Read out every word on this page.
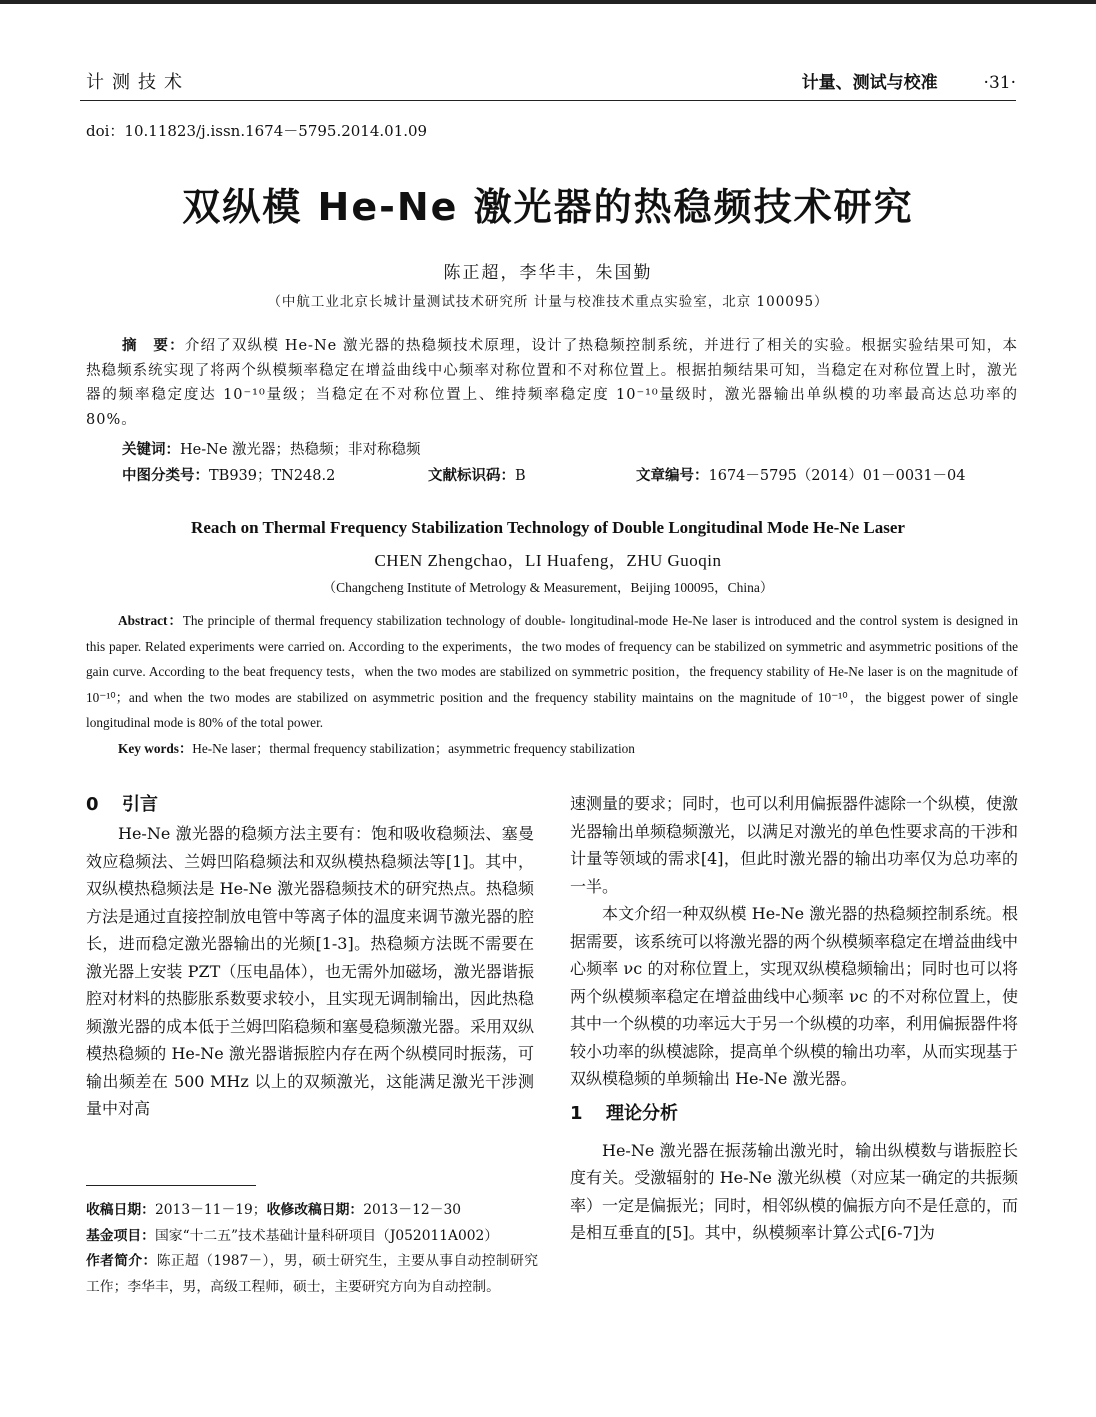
计测技术	计量、测试与校准	·31·
doi：10.11823/j.issn.1674－5795.2014.01.09
双纵模 He-Ne 激光器的热稳频技术研究
陈正超，李华丰，朱国勤
（中航工业北京长城计量测试技术研究所 计量与校准技术重点实验室，北京 100095）
摘　要：介绍了双纵模 He-Ne 激光器的热稳频技术原理，设计了热稳频控制系统，并进行了相关的实验。根据实验结果可知，本热稳频系统实现了将两个纵模频率稳定在增益曲线中心频率对称位置和不对称位置上。根据拍频结果可知，当稳定在对称位置上时，激光器的频率稳定度达 10⁻¹⁰量级；当稳定在不对称位置上、维持频率稳定度 10⁻¹⁰量级时，激光器输出单纵模的功率最高达总功率的 80%。
关键词：He-Ne 激光器；热稳频；非对称稳频
中图分类号：TB939；TN248.2	文献标识码：B	文章编号：1674－5795（2014）01－0031－04
Reach on Thermal Frequency Stabilization Technology of Double Longitudinal Mode He-Ne Laser
CHEN Zhengchao，LI Huafeng，ZHU Guoqin
（Changcheng Institute of Metrology & Measurement，Beijing 100095，China）
Abstract：The principle of thermal frequency stabilization technology of double- longitudinal-mode He-Ne laser is introduced and the control system is designed in this paper. Related experiments were carried on. According to the experiments，the two modes of frequency can be stabilized on symmetric and asymmetric positions of the gain curve. According to the beat frequency tests，when the two modes are stabilized on symmetric position，the frequency stability of He-Ne laser is on the magnitude of 10⁻¹⁰；and when the two modes are stabilized on asymmetric position and the frequency stability maintains on the magnitude of 10⁻¹⁰，the biggest power of single longitudinal mode is 80% of the total power.
Key words：He-Ne laser；thermal frequency stabilization；asymmetric frequency stabilization
0 引言

He-Ne 激光器的稳频方法主要有：饱和吸收稳频法、塞曼效应稳频法、兰姆凹陷稳频法和双纵模热稳频法等[1]。其中，双纵模热稳频法是 He-Ne 激光器稳频技术的研究热点。热稳频方法是通过直接控制放电管中等离子体的温度来调节激光器的腔长，进而稳定激光器输出的光频[1-3]。热稳频方法既不需要在激光器上安装 PZT（压电晶体），也无需外加磁场，激光器谐振腔对材料的热膨胀系数要求较小，且实现无调制输出，因此热稳频激光器的成本低于兰姆凹陷稳频和塞曼稳频激光器。采用双纵模热稳频的 He-Ne 激光器谐振腔内存在两个纵模同时振荡，可输出频差在 500 MHz 以上的双频激光，这能满足激光干涉测量中对高

速测量的要求；同时，也可以利用偏振器件滤除一个纵模，使激光器输出单频稳频激光，以满足对激光的单色性要求高的干涉和计量等领域的需求[4]，但此时激光器的输出功率仅为总功率的一半。

本文介绍一种双纵模 He-Ne 激光器的热稳频控制系统。根据需要，该系统可以将激光器的两个纵模频率稳定在增益曲线中心频率 νc 的对称位置上，实现双纵模稳频输出；同时也可以将两个纵模频率稳定在增益曲线中心频率 νc 的不对称位置上，使其中一个纵模的功率远大于另一个纵模的功率，利用偏振器件将较小功率的纵模滤除，提高单个纵模的输出功率，从而实现基于双纵模稳频的单频输出 He-Ne 激光器。

1 理论分析

He-Ne 激光器在振荡输出激光时，输出纵模数与谐振腔长度有关。受激辐射的 He-Ne 激光纵模（对应某一确定的共振频率）一定是偏振光；同时，相邻纵模的偏振方向不是任意的，而是相互垂直的[5]。其中，纵模频率计算公式[6-7]为

收稿日期：2013－11－19；收修改稿日期：2013－12－30
基金项目：国家“十二五”技术基础计量科研项目（J052011A002）
作者简介：陈正超（1987－），男，硕士研究生，主要从事自动控制研究工作；李华丰，男，高级工程师，硕士，主要研究方向为自动控制。
